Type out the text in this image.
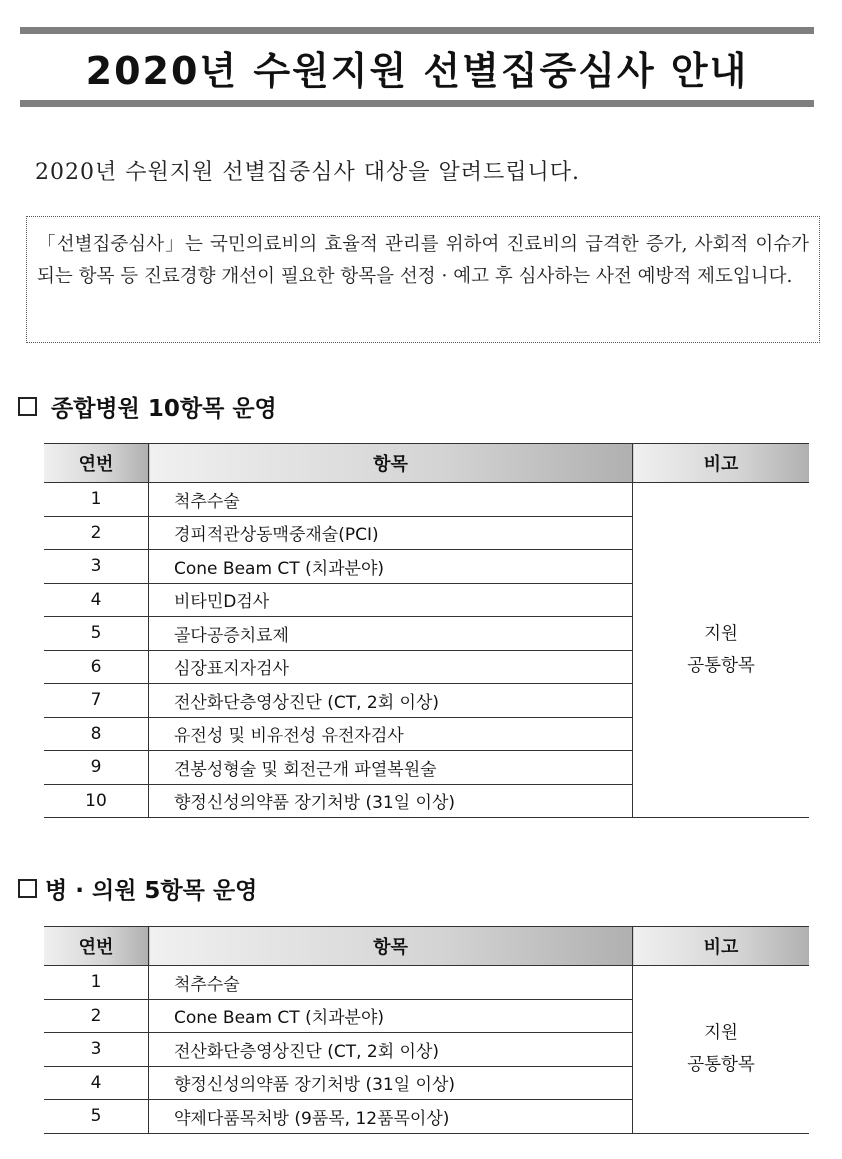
2020년 수원지원 선별집중심사 안내
2020년 수원지원 선별집중심사 대상을 알려드립니다.
「선별집중심사」는 국민의료비의 효율적 관리를 위하여 진료비의 급격한 증가, 사회적 이슈가 되는 항목 등 진료경향 개선이 필요한 항목을 선정 · 예고 후 심사하는 사전 예방적 제도입니다.
종합병원 10항목 운영
연번	항목	비고
1	척추수술	지원
공통항목

2	경피적관상동맥중재술(PCI)	
3	Cone Beam CT (치과분야)	
4	비타민D검사	
5	골다공증치료제	
6	심장표지자검사	
7	전산화단층영상진단 (CT, 2회 이상)	
8	유전성 및 비유전성 유전자검사	
9	견봉성형술 및 회전근개 파열복원술	
10	향정신성의약품 장기처방 (31일 이상)	
병 · 의원 5항목 운영
연번	항목	비고
1	척추수술	지원
공통항목

2	Cone Beam CT (치과분야)	
3	전산화단층영상진단 (CT, 2회 이상)	
4	향정신성의약품 장기처방 (31일 이상)	
5	약제다품목처방 (9품목, 12품목이상)	
